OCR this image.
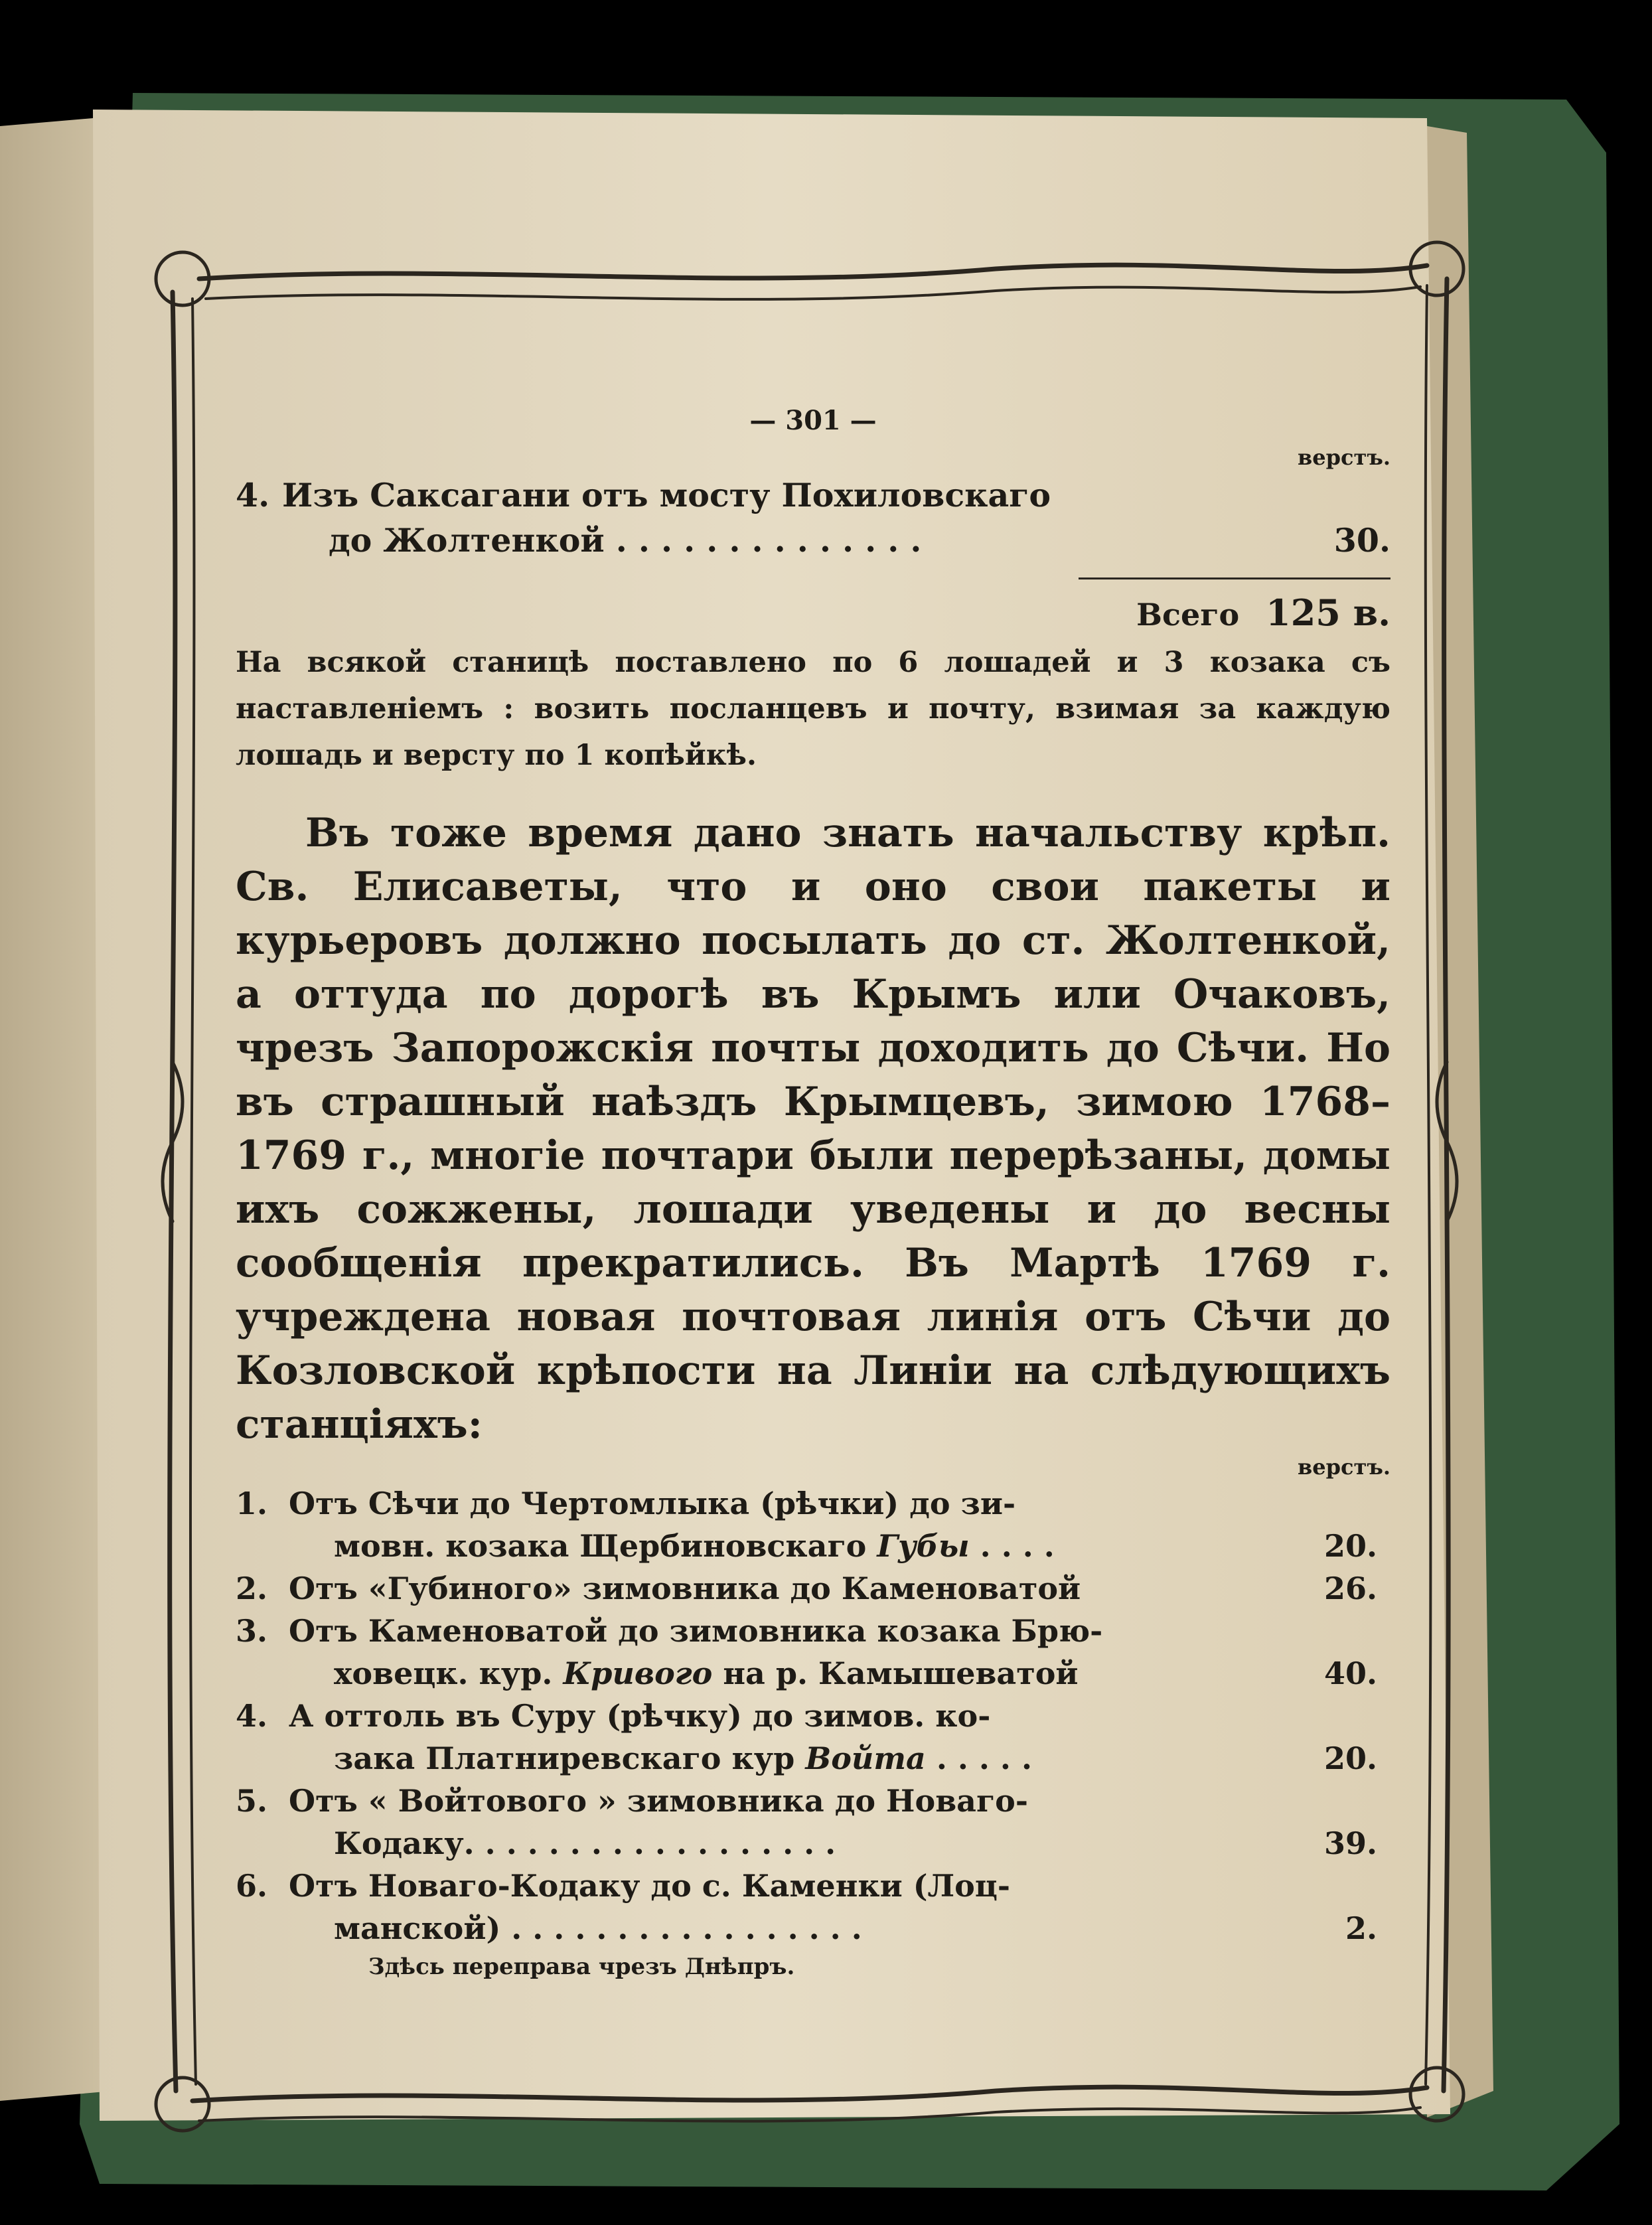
— 301 —
верстъ.
4. Изъ Саксагани отъ мосту Похиловскаго
до Жолтенкой . . . . . . . . . . . . . .	30.
Всего 125 в.
На всякой станицѣ поставлено по 6 лошадей и 3 козака съ наставленіемъ : возить посланцевъ и почту, взимая за каждую лошадь и версту по 1 копѣйкѣ.

Въ тоже время дано знать начальству крѣп. Св. Елисаветы, что и оно свои пакеты и курьеровъ должно посылать до ст. Жолтенкой, а оттуда по дорогѣ въ Крымъ или Очаковъ, чрезъ Запорожскія почты доходить до Сѣчи. Но въ страшный наѣздъ Крымцевъ, зимою 1768–1769 г., многіе почтари были перерѣзаны, домы ихъ сожжены, лошади уведены и до весны сообщенія прекратились. Въ Мартѣ 1769 г. учреждена новая почтовая линія отъ Сѣчи до Козловской крѣпости на Линіи на слѣдующихъ станціяхъ:

верстъ.
1. Отъ Сѣчи до Чертомлыка (рѣчки) до зи-
мовн. козака Щербиновскаго Губы . . . .	20.
2. Отъ «Губиного» зимовника до Каменоватой	26.
3. Отъ Каменоватой до зимовника козака Брю-
ховецк. кур. Кривого на р. Камышеватой	40.
4. А оттоль въ Суру (рѣчку) до зимов. ко-
зака Платниревскаго кур Войта . . . . .	20.
5. Отъ « Войтового » зимовника до Новаго-
Кодаку. . . . . . . . . . . . . . . . . .	39.
6. Отъ Новаго-Кодаку до с. Каменки (Лоц-
манской) . . . . . . . . . . . . . . . . .	2.
Здѣсь переправа чрезъ Днѣпръ.
